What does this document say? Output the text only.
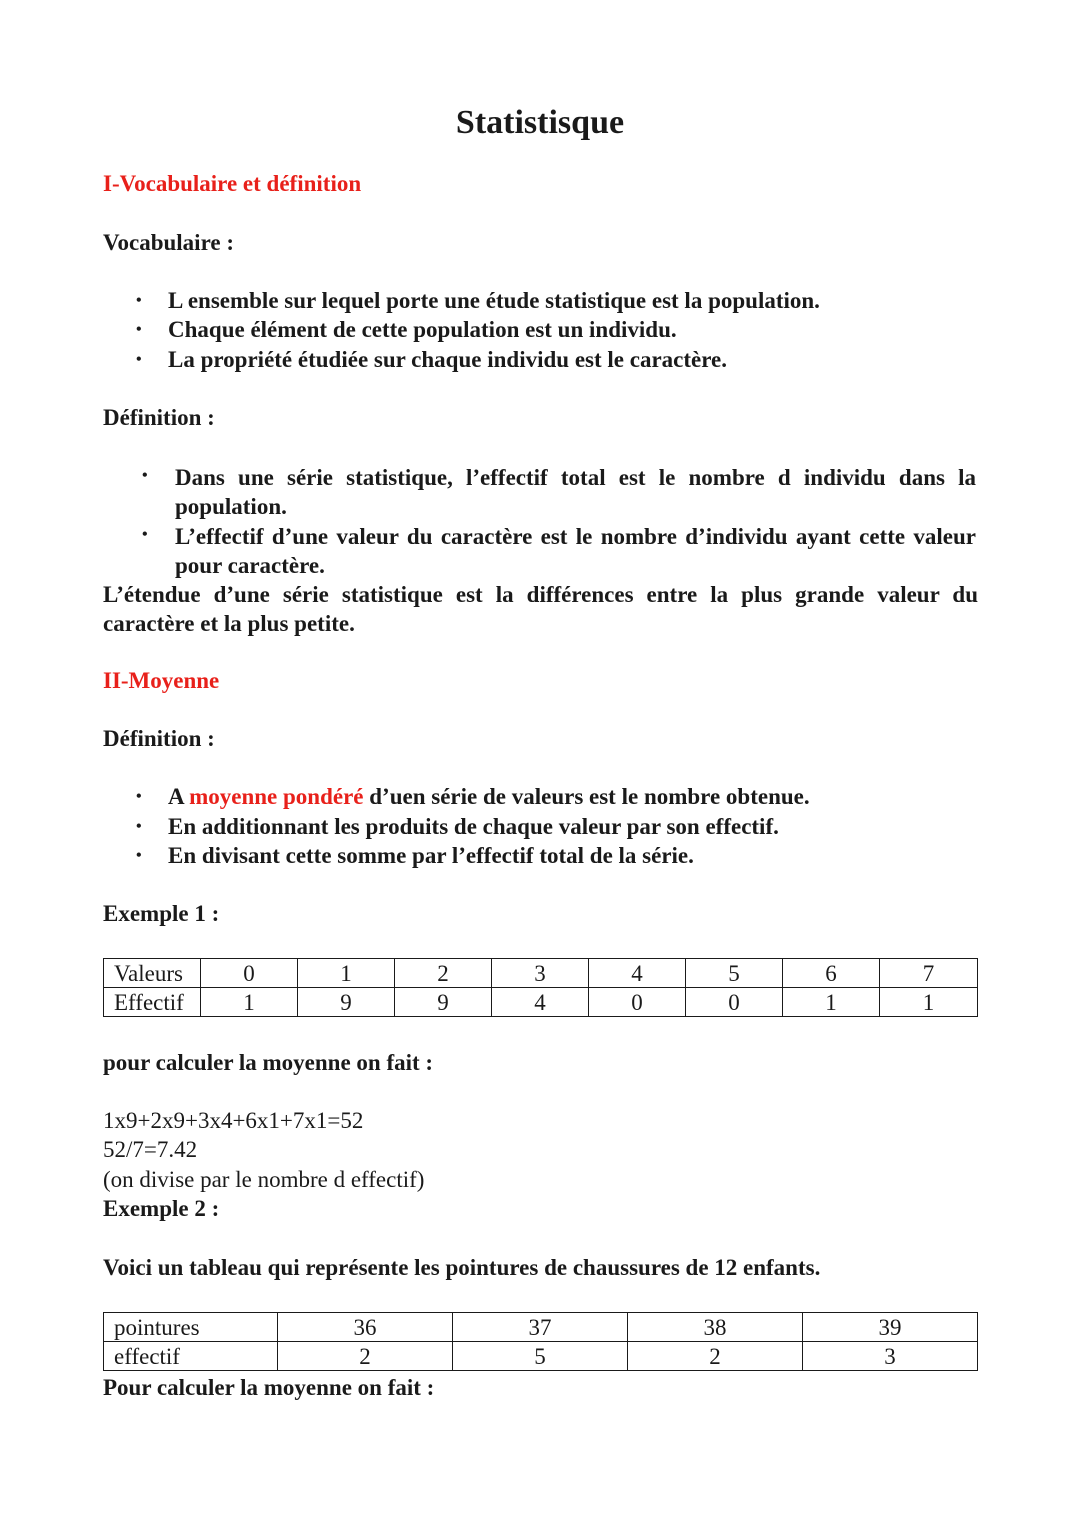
Statistisque
I-Vocabulaire et définition
Vocabulaire :
• L ensemble sur lequel porte une étude statistique est la population.
• Chaque élément de cette population est un individu.
• La propriété étudiée sur chaque individu est le caractère.
Définition :
• Dans une série statistique, l’effectif total est le nombre d individu dans la population.
• L’effectif d’une valeur du caractère est le nombre d’individu ayant cette valeur pour caractère.
L’étendue d’une série statistique est la différences entre la plus grande valeur du caractère et la plus petite.
II-Moyenne
Définition :
• A moyenne pondéré d’uen série de valeurs est le nombre obtenue.
• En additionnant les produits de chaque valeur par son effectif.
• En divisant cette somme par l’effectif total de la série.
Exemple 1 :
Valeurs	0	1	2	3	4	5	6	7
Effectif	1	9	9	4	0	0	1	1
pour calculer la moyenne on fait :
1x9+2x9+3x4+6x1+7x1=52
52/7=7.42
(on divise par le nombre d effectif)
Exemple 2 :
Voici un tableau qui représente les pointures de chaussures de 12 enfants.
pointures	36	37	38	39
effectif	2	5	2	3
Pour calculer la moyenne on fait :
